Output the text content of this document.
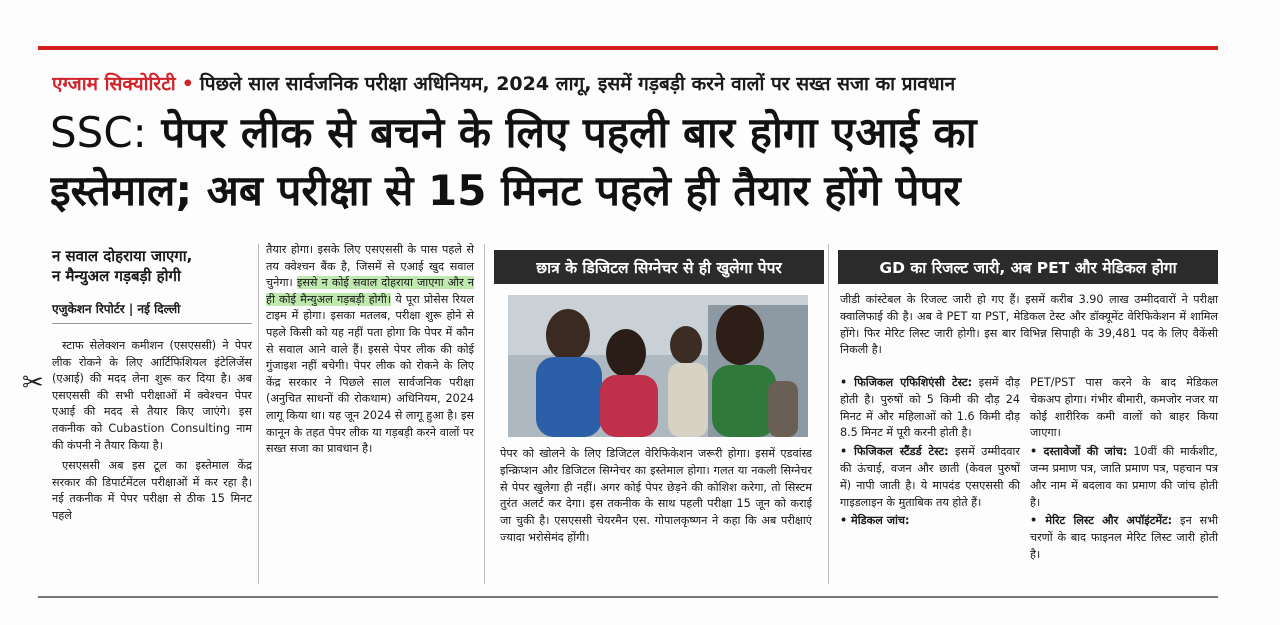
एग्जाम सिक्योरिटी • पिछले साल सार्वजनिक परीक्षा अधिनियम, 2024 लागू, इसमें गड़बड़ी करने वालों पर सख्त सजा का प्रावधान
SSC: पेपर लीक से बचने के लिए पहली बार होगा एआई का
इस्तेमाल; अब परीक्षा से 15 मिनट पहले ही तैयार होंगे पेपर
न सवाल दोहराया जाएगा,
न मैन्युअल गड़बड़ी होगी
एजुकेशन रिपोर्टर | नई दिल्ली
✂

स्टाफ सेलेक्शन कमीशन (एसएससी) ने पेपर लीक रोकने के लिए आर्टिफिशियल इंटेलिजेंस (एआई) की मदद लेना शुरू कर दिया है। अब एसएससी की सभी परीक्षाओं में क्वेश्चन पेपर एआई की मदद से तैयार किए जाएंगे। इस तकनीक को Cubastion Consulting नाम की कंपनी ने तैयार किया है।

एसएससी अब इस टूल का इस्तेमाल केंद्र सरकार की डिपार्टमेंटल परीक्षाओं में कर रहा है। नई तकनीक में पेपर परीक्षा से ठीक 15 मिनट पहले

तैयार होगा। इसके लिए एसएससी के पास पहले से तय क्वेश्चन बैंक है, जिसमें से एआई खुद सवाल चुनेगा। इससे न कोई सवाल दोहराया जाएगा और न ही कोई मैन्युअल गड़बड़ी होगी। ये पूरा प्रोसेस रियल टाइम में होगा। इसका मतलब, परीक्षा शुरू होने से पहले किसी को यह नहीं पता होगा कि पेपर में कौन से सवाल आने वाले हैं। इससे पेपर लीक की कोई गुंजाइश नहीं बचेगी। पेपर लीक को रोकने के लिए केंद्र सरकार ने पिछले साल सार्वजनिक परीक्षा (अनुचित साधनों की रोकथाम) अधिनियम, 2024 लागू किया था। यह जून 2024 से लागू हुआ है। इस कानून के तहत पेपर लीक या गड़बड़ी करने वालों पर सख्त सजा का प्रावधान है।
छात्र के डिजिटल सिग्नेचर से ही खुलेगा पेपर
पेपर को खोलने के लिए डिजिटल वेरिफिकेशन जरूरी होगा। इसमें एडवांस्ड इन्क्रिप्शन और डिजिटल सिग्नेचर का इस्तेमाल होगा। गलत या नकली सिग्नेचर से पेपर खुलेगा ही नहीं। अगर कोई पेपर छेड़ने की कोशिश करेगा, तो सिस्टम तुरंत अलर्ट कर देगा। इस तकनीक के साथ पहली परीक्षा 15 जून को कराई जा चुकी है। एसएससी चेयरमैन एस. गोपालकृष्णन ने कहा कि अब परीक्षाएं ज्यादा भरोसेमंद होंगी।
GD का रिजल्ट जारी, अब PET और मेडिकल होगा
जीडी कांस्टेबल के रिजल्ट जारी हो गए हैं। इसमें करीब 3.90 लाख उम्मीदवारों ने परीक्षा क्वालिफाई की है। अब वे PET या PST, मेडिकल टेस्ट और डॉक्यूमेंट वेरिफिकेशन में शामिल होंगे। फिर मेरिट लिस्ट जारी होगी। इस बार विभिन्न सिपाही के 39,481 पद के लिए वैकेंसी निकली है।

• फिजिकल एफिशिएंसी टेस्ट: इसमें दौड़ होती है। पुरुषों को 5 किमी की दौड़ 24 मिनट में और महिलाओं को 1.6 किमी दौड़ 8.5 मिनट में पूरी करनी होती है।

• फिजिकल स्टैंडर्ड टेस्ट: इसमें उम्मीदवार की ऊंचाई, वजन और छाती (केवल पुरुषों में) नापी जाती है। ये मापदंड एसएससी की गाइडलाइन के मुताबिक तय होते हैं।

• मेडिकल जांच:

PET/PST पास करने के बाद मेडिकल चेकअप होगा। गंभीर बीमारी, कमजोर नजर या कोई शारीरिक कमी वालों को बाहर किया जाएगा।

• दस्तावेजों की जांच: 10वीं की मार्कशीट, जन्म प्रमाण पत्र, जाति प्रमाण पत्र, पहचान पत्र और नाम में बदलाव का प्रमाण की जांच होती है।

• मेरिट लिस्ट और अपॉइंटमेंट: इन सभी चरणों के बाद फाइनल मेरिट लिस्ट जारी होती है।
